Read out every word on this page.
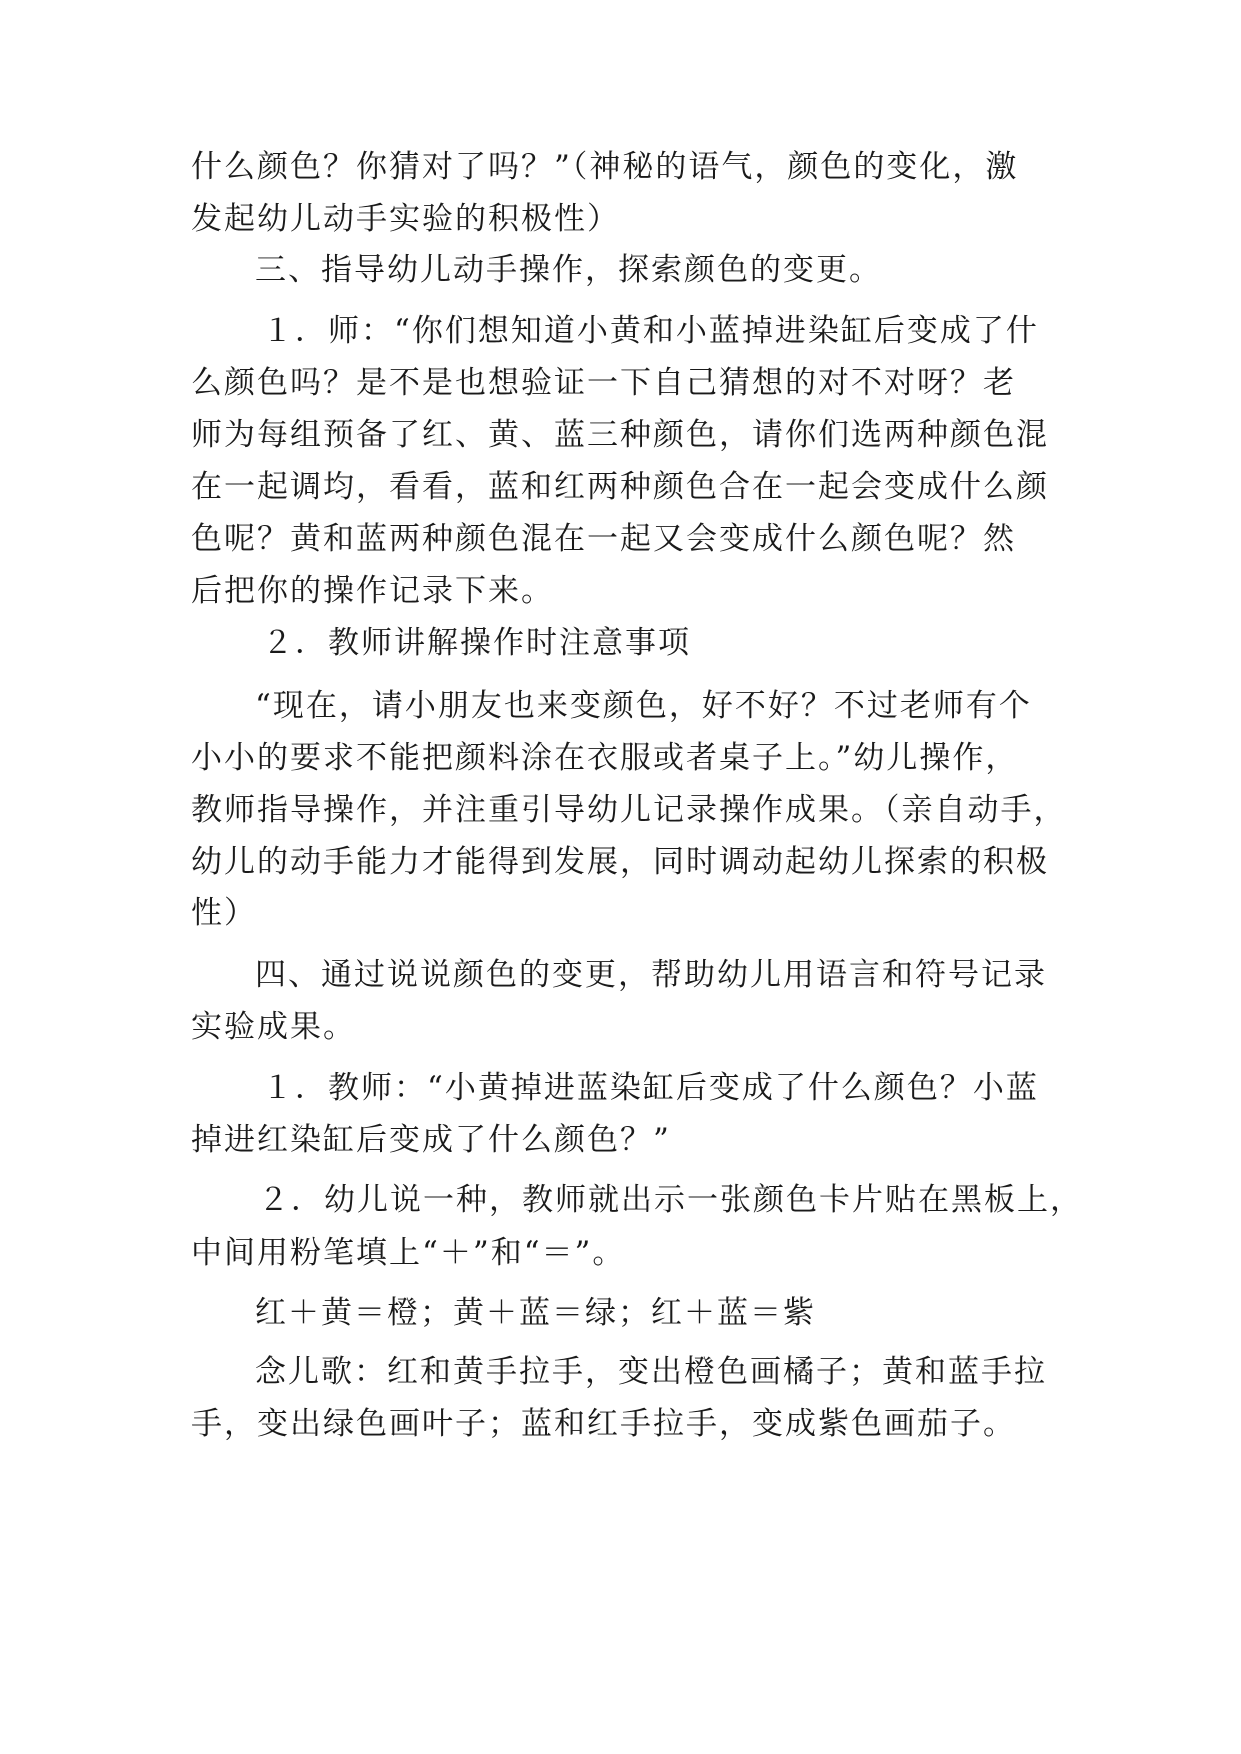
什么颜色？你猜对了吗？”（神秘的语气，颜色的变化，激
发起幼儿动手实验的积极性）
三、指导幼儿动手操作，探索颜色的变更。
１．师：“你们想知道小黄和小蓝掉进染缸后变成了什
么颜色吗？是不是也想验证一下自己猜想的对不对呀？老
师为每组预备了红、黄、蓝三种颜色，请你们选两种颜色混
在一起调均，看看，蓝和红两种颜色合在一起会变成什么颜
色呢？黄和蓝两种颜色混在一起又会变成什么颜色呢？然
后把你的操作记录下来。
２．教师讲解操作时注意事项
“现在，请小朋友也来变颜色，好不好？不过老师有个
小小的要求不能把颜料涂在衣服或者桌子上。”幼儿操作，
教师指导操作，并注重引导幼儿记录操作成果。（亲自动手，
幼儿的动手能力才能得到发展，同时调动起幼儿探索的积极
性）
四、通过说说颜色的变更，帮助幼儿用语言和符号记录
实验成果。
１．教师：“小黄掉进蓝染缸后变成了什么颜色？小蓝
掉进红染缸后变成了什么颜色？”
２．幼儿说一种，教师就出示一张颜色卡片贴在黑板上，
中间用粉笔填上“＋”和“＝”。
红＋黄＝橙；黄＋蓝＝绿；红＋蓝＝紫
念儿歌：红和黄手拉手，变出橙色画橘子；黄和蓝手拉
手，变出绿色画叶子；蓝和红手拉手，变成紫色画茄子。
